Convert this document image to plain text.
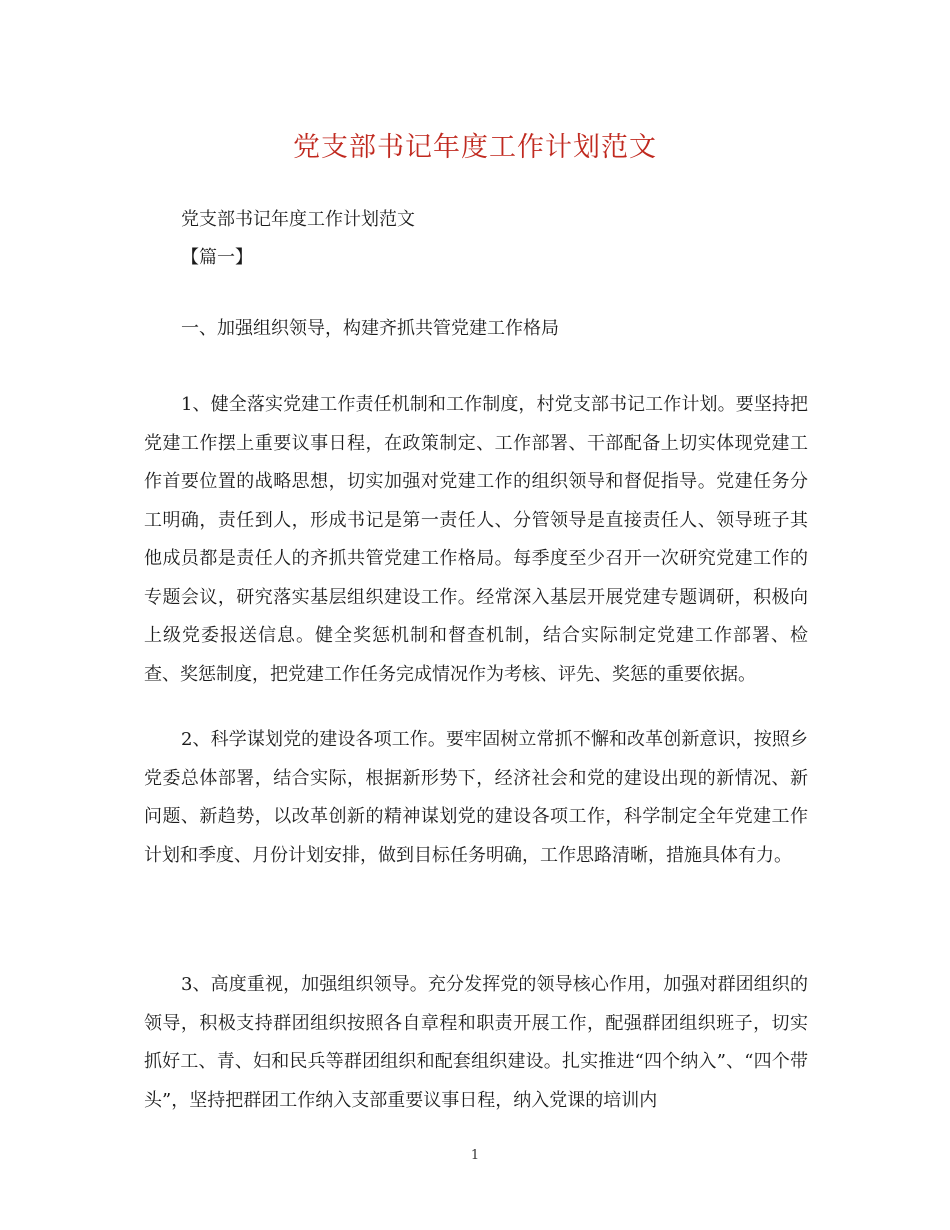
党支部书记年度工作计划范文
党支部书记年度工作计划范文
【篇一】
一、加强组织领导，构建齐抓共管党建工作格局

1、健全落实党建工作责任机制和工作制度，村党支部书记工作计划。要坚持把党建工作摆上重要议事日程，在政策制定、工作部署、干部配备上切实体现党建工作首要位置的战略思想，切实加强对党建工作的组织领导和督促指导。党建任务分工明确，责任到人，形成书记是第一责任人、分管领导是直接责任人、领导班子其他成员都是责任人的齐抓共管党建工作格局。每季度至少召开一次研究党建工作的专题会议，研究落实基层组织建设工作。经常深入基层开展党建专题调研，积极向上级党委报送信息。健全奖惩机制和督查机制，结合实际制定党建工作部署、检查、奖惩制度，把党建工作任务完成情况作为考核、评先、奖惩的重要依据。

2、科学谋划党的建设各项工作。要牢固树立常抓不懈和改革创新意识，按照乡党委总体部署，结合实际，根据新形势下，经济社会和党的建设出现的新情况、新问题、新趋势，以改革创新的精神谋划党的建设各项工作，科学制定全年党建工作计划和季度、月份计划安排，做到目标任务明确，工作思路清晰，措施具体有力。

3、高度重视，加强组织领导。充分发挥党的领导核心作用，加强对群团组织的领导，积极支持群团组织按照各自章程和职责开展工作，配强群团组织班子，切实抓好工、青、妇和民兵等群团组织和配套组织建设。扎实推进“四个纳入”、“四个带头”，坚持把群团工作纳入支部重要议事日程，纳入党课的培训内

1
